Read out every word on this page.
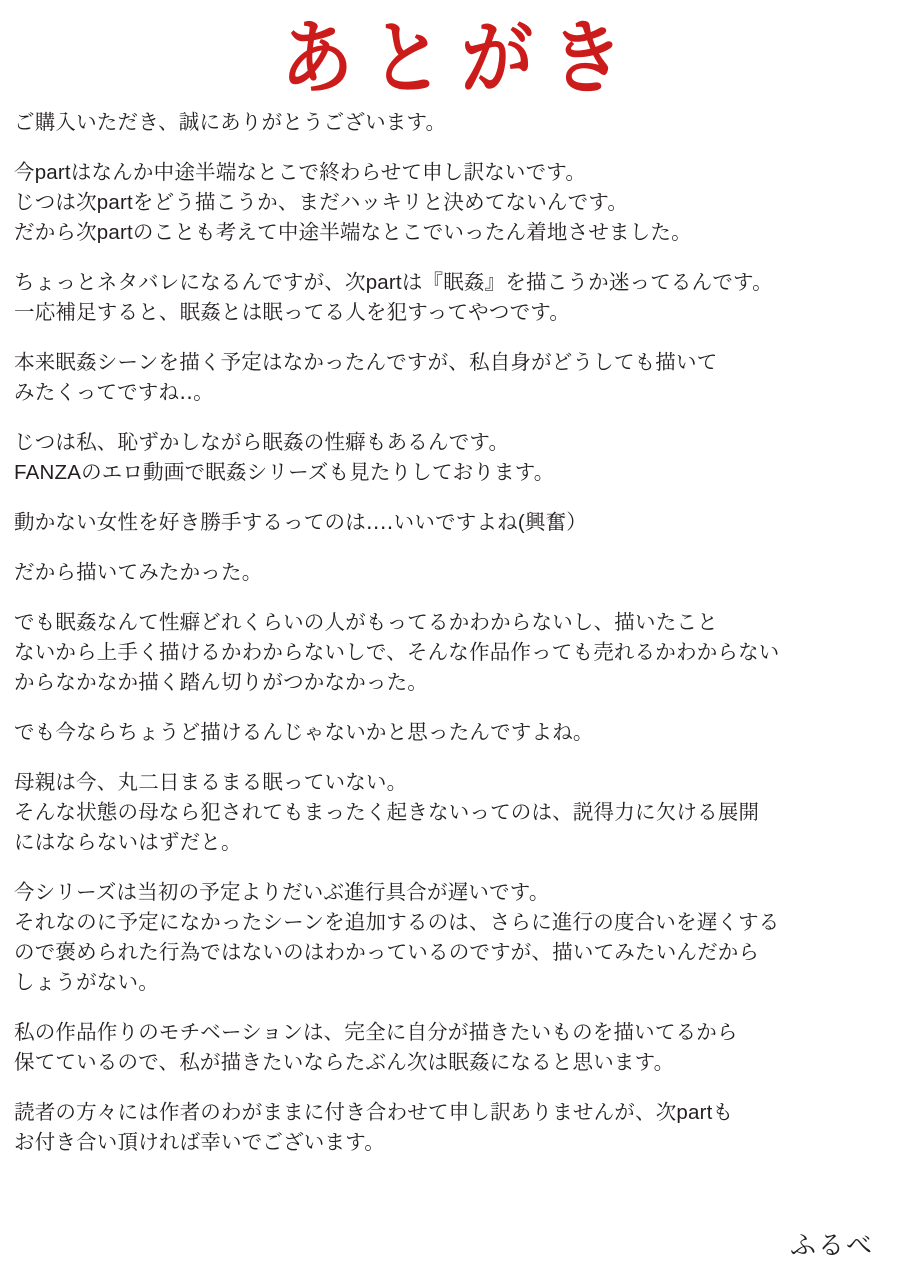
あとがき

ご購入いただき、誠にありがとうございます。

今partはなんか中途半端なとこで終わらせて申し訳ないです。
じつは次partをどう描こうか、まだハッキリと決めてないんです。
だから次partのことも考えて中途半端なとこでいったん着地させました。

ちょっとネタバレになるんですが、次partは『眠姦』を描こうか迷ってるんです。
一応補足すると、眠姦とは眠ってる人を犯すってやつです。

本来眠姦シーンを描く予定はなかったんですが、私自身がどうしても描いて
みたくってですね‥。

じつは私、恥ずかしながら眠姦の性癖もあるんです。
FANZAのエロ動画で眠姦シリーズも見たりしております。

動かない女性を好き勝手するってのは‥‥いいですよね(興奮）

だから描いてみたかった。

でも眠姦なんて性癖どれくらいの人がもってるかわからないし、描いたこと
ないから上手く描けるかわからないしで、そんな作品作っても売れるかわからない
からなかなか描く踏ん切りがつかなかった。

でも今ならちょうど描けるんじゃないかと思ったんですよね。

母親は今、丸二日まるまる眠っていない。
そんな状態の母なら犯されてもまったく起きないってのは、説得力に欠ける展開
にはならないはずだと。

今シリーズは当初の予定よりだいぶ進行具合が遅いです。
それなのに予定になかったシーンを追加するのは、さらに進行の度合いを遅くする
ので褒められた行為ではないのはわかっているのですが、描いてみたいんだから
しょうがない。

私の作品作りのモチベーションは、完全に自分が描きたいものを描いてるから
保てているので、私が描きたいならたぶん次は眠姦になると思います。

読者の方々には作者のわがままに付き合わせて申し訳ありませんが、次partも
お付き合い頂ければ幸いでございます。

ふるべ
